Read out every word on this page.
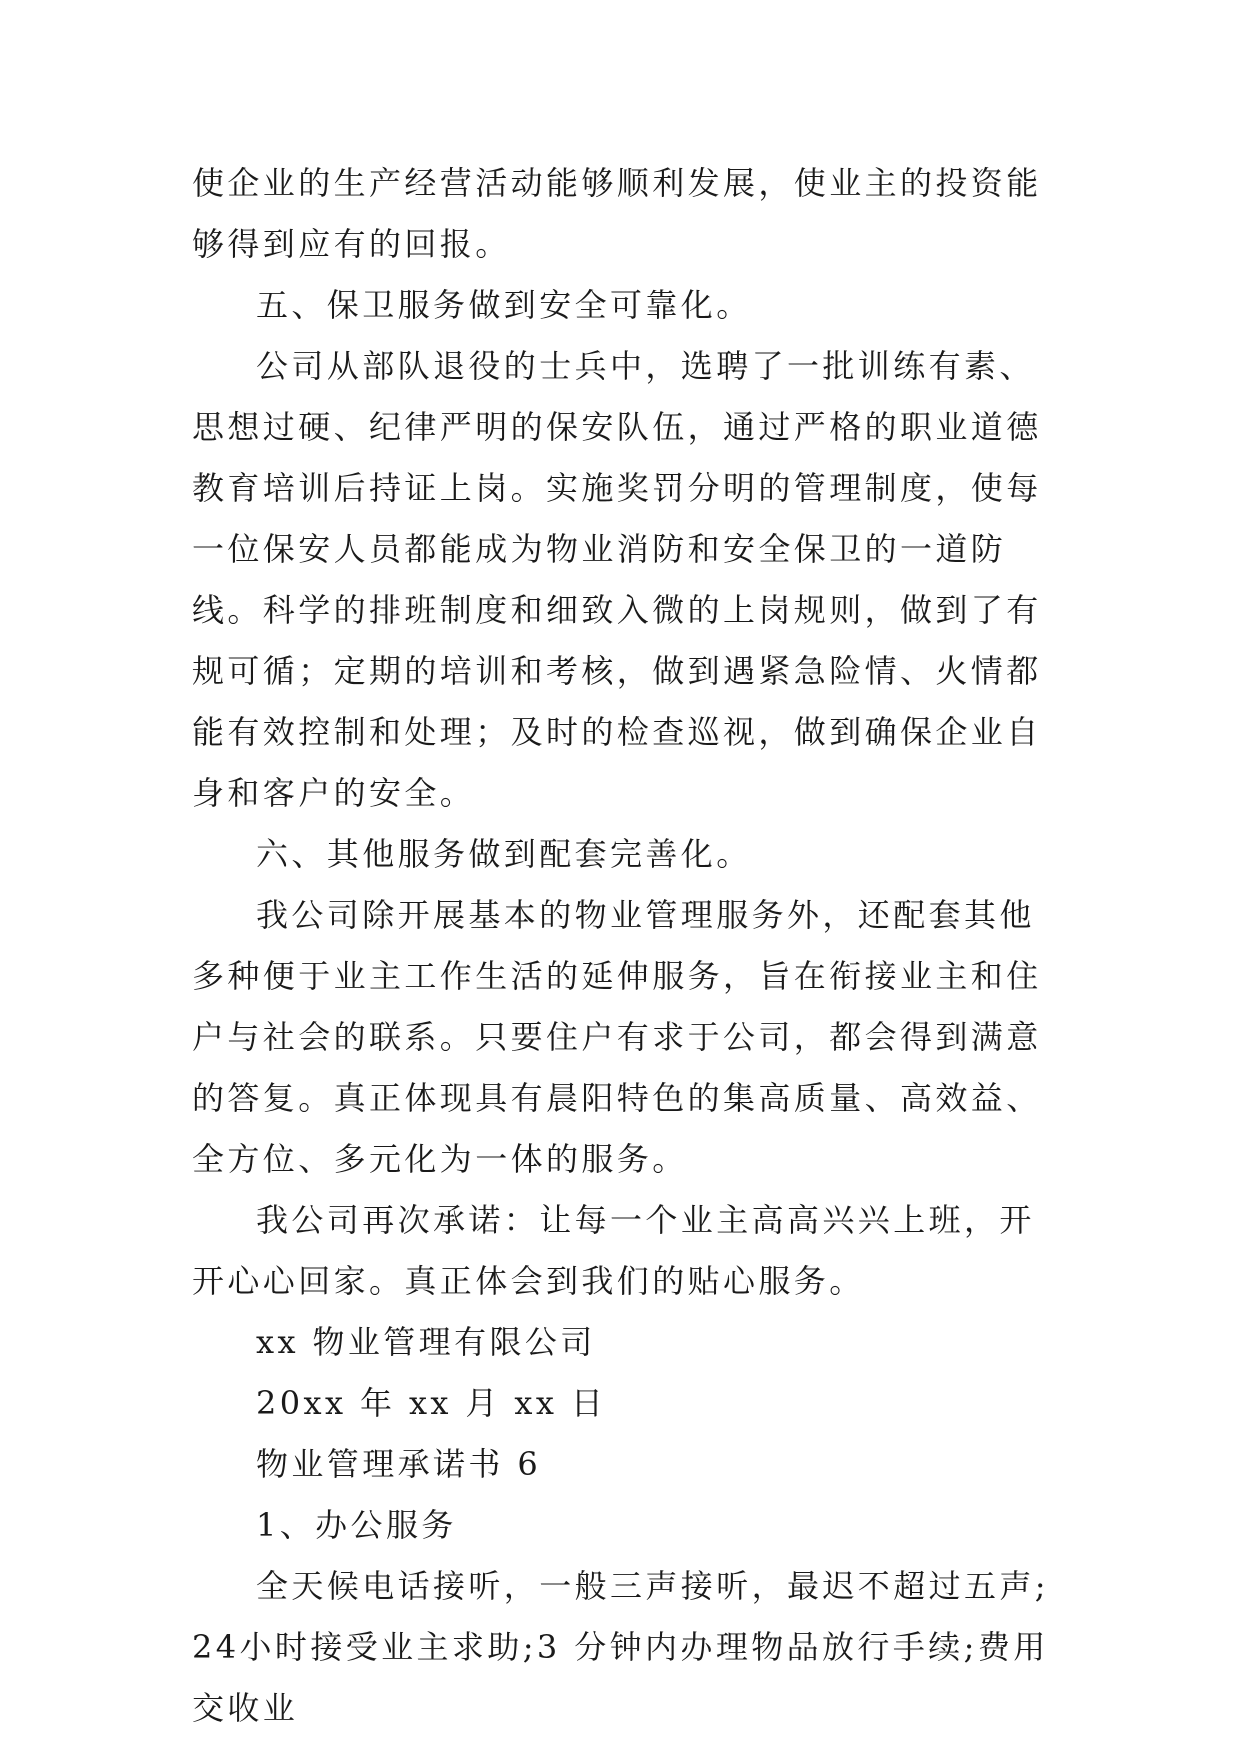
使企业的生产经营活动能够顺利发展，使业主的投资能够得到应有的回报。

五、保卫服务做到安全可靠化。

公司从部队退役的士兵中，选聘了一批训练有素、思想过硬、纪律严明的保安队伍，通过严格的职业道德教育培训后持证上岗。实施奖罚分明的管理制度，使每一位保安人员都能成为物业消防和安全保卫的一道防线。科学的排班制度和细致入微的上岗规则，做到了有规可循；定期的培训和考核，做到遇紧急险情、火情都能有效控制和处理；及时的检查巡视，做到确保企业自身和客户的安全。

六、其他服务做到配套完善化。

我公司除开展基本的物业管理服务外，还配套其他多种便于业主工作生活的延伸服务，旨在衔接业主和住户与社会的联系。只要住户有求于公司，都会得到满意的答复。真正体现具有晨阳特色的集高质量、高效益、全方位、多元化为一体的服务。

我公司再次承诺：让每一个业主高高兴兴上班，开开心心回家。真正体会到我们的贴心服务。

xx 物业管理有限公司

20xx 年 xx 月 xx 日

物业管理承诺书 6

1、办公服务

全天候电话接听，一般三声接听，最迟不超过五声;24小时接受业主求助;3 分钟内办理物品放行手续;费用交收业
